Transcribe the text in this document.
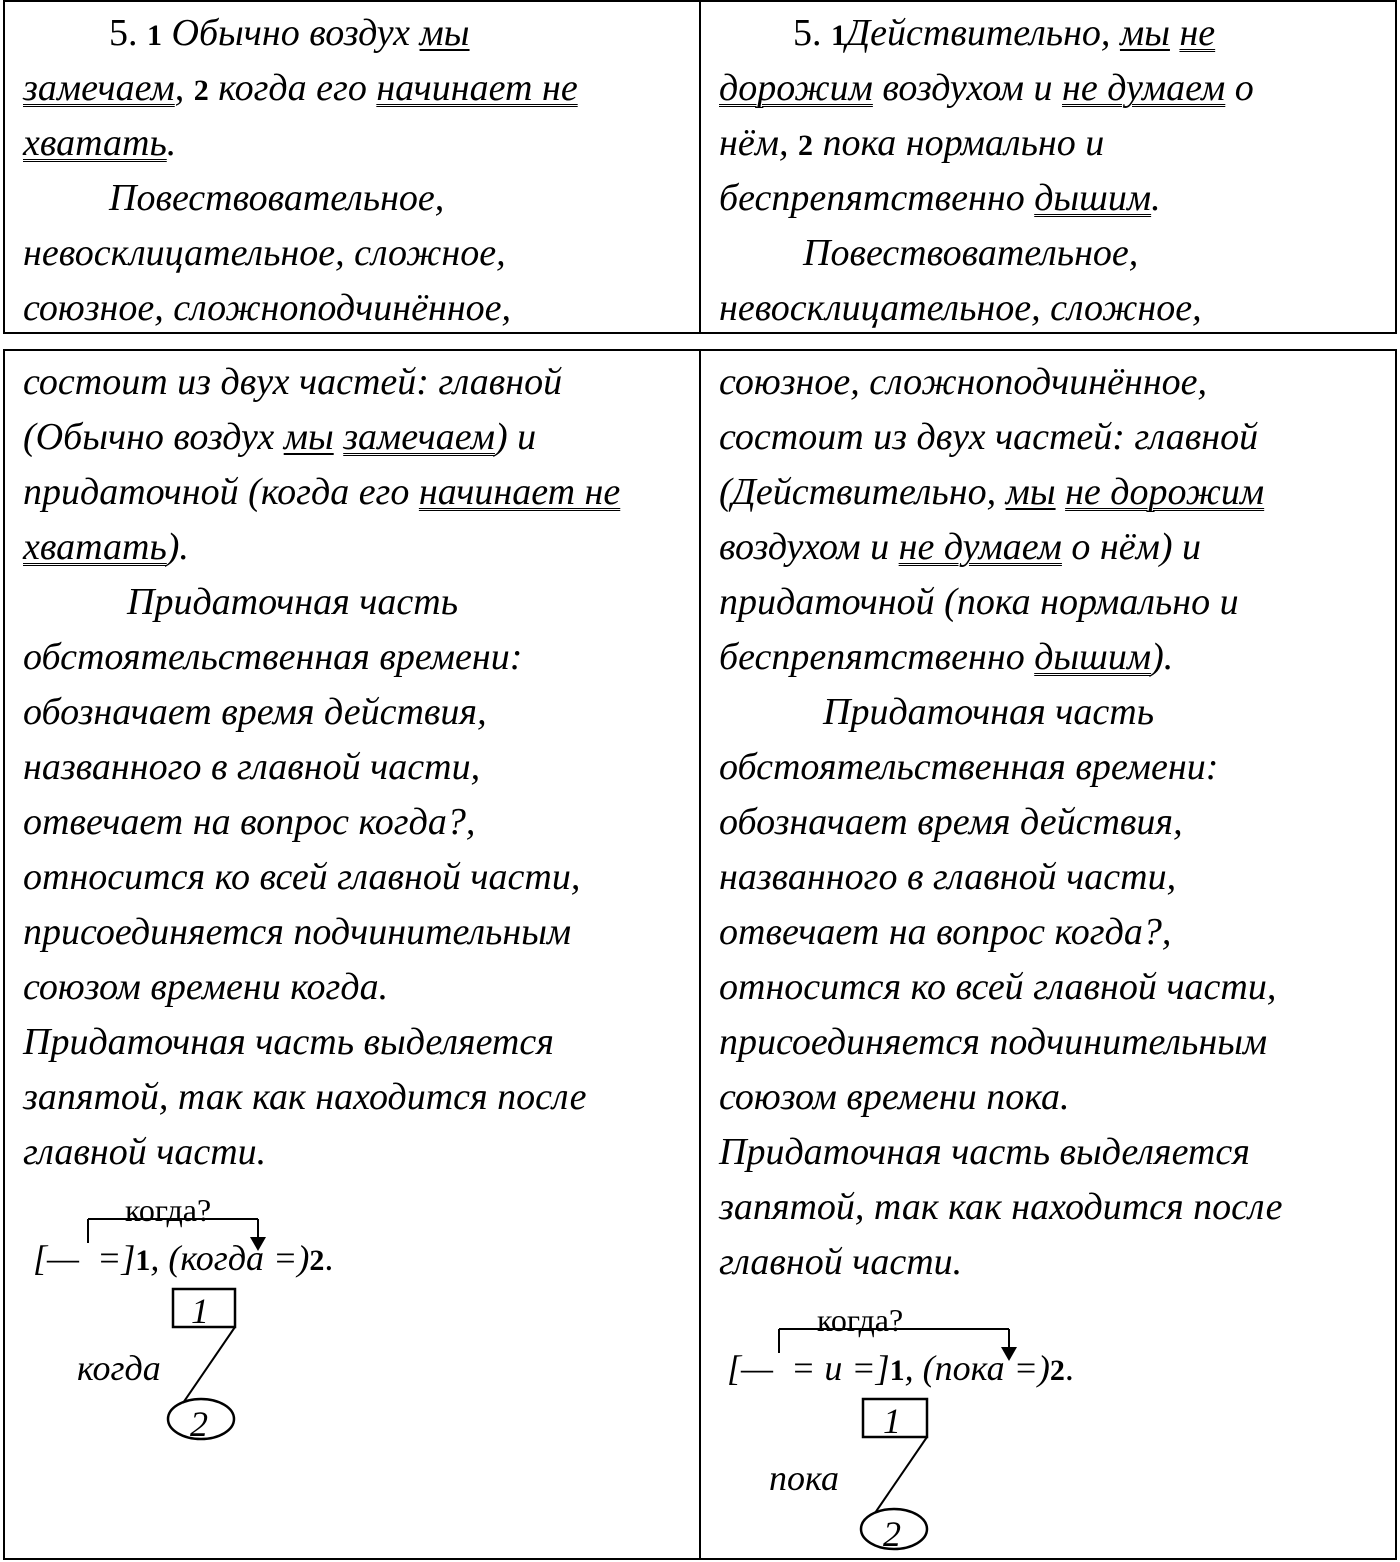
5. 1 Обычно воздух мы
замечаем, 2 когда его начинает не
хватать.
Повествовательное,
невосклицательное, сложное,
союзное, сложноподчинённое,
5. 1Действительно, мы не
дорожим воздухом и не думаем о
нём, 2 пока нормально и
беспрепятственно дышим.
Повествовательное,
невосклицательное, сложное,
состоит из двух частей: главной
(Обычно воздух мы замечаем) и
придаточной (когда его начинает не
хватать).
Придаточная часть
обстоятельственная времени:
обозначает время действия,
названного в главной части,
отвечает на вопрос когда?,
относится ко всей главной части,
присоединяется подчинительным
союзом времени когда.
Придаточная часть выделяется
запятой, так как находится после
главной части.
когда?
[— =]1, (когда =)2.
1
когда
2
союзное, сложноподчинённое,
состоит из двух частей: главной
(Действительно, мы не дорожим
воздухом и не думаем о нём) и
придаточной (пока нормально и
беспрепятственно дышим).
Придаточная часть
обстоятельственная времени:
обозначает время действия,
названного в главной части,
отвечает на вопрос когда?,
относится ко всей главной части,
присоединяется подчинительным
союзом времени пока.
Придаточная часть выделяется
запятой, так как находится после
главной части.
когда?
[— = и =]1, (пока =)2.
1
пока
2
